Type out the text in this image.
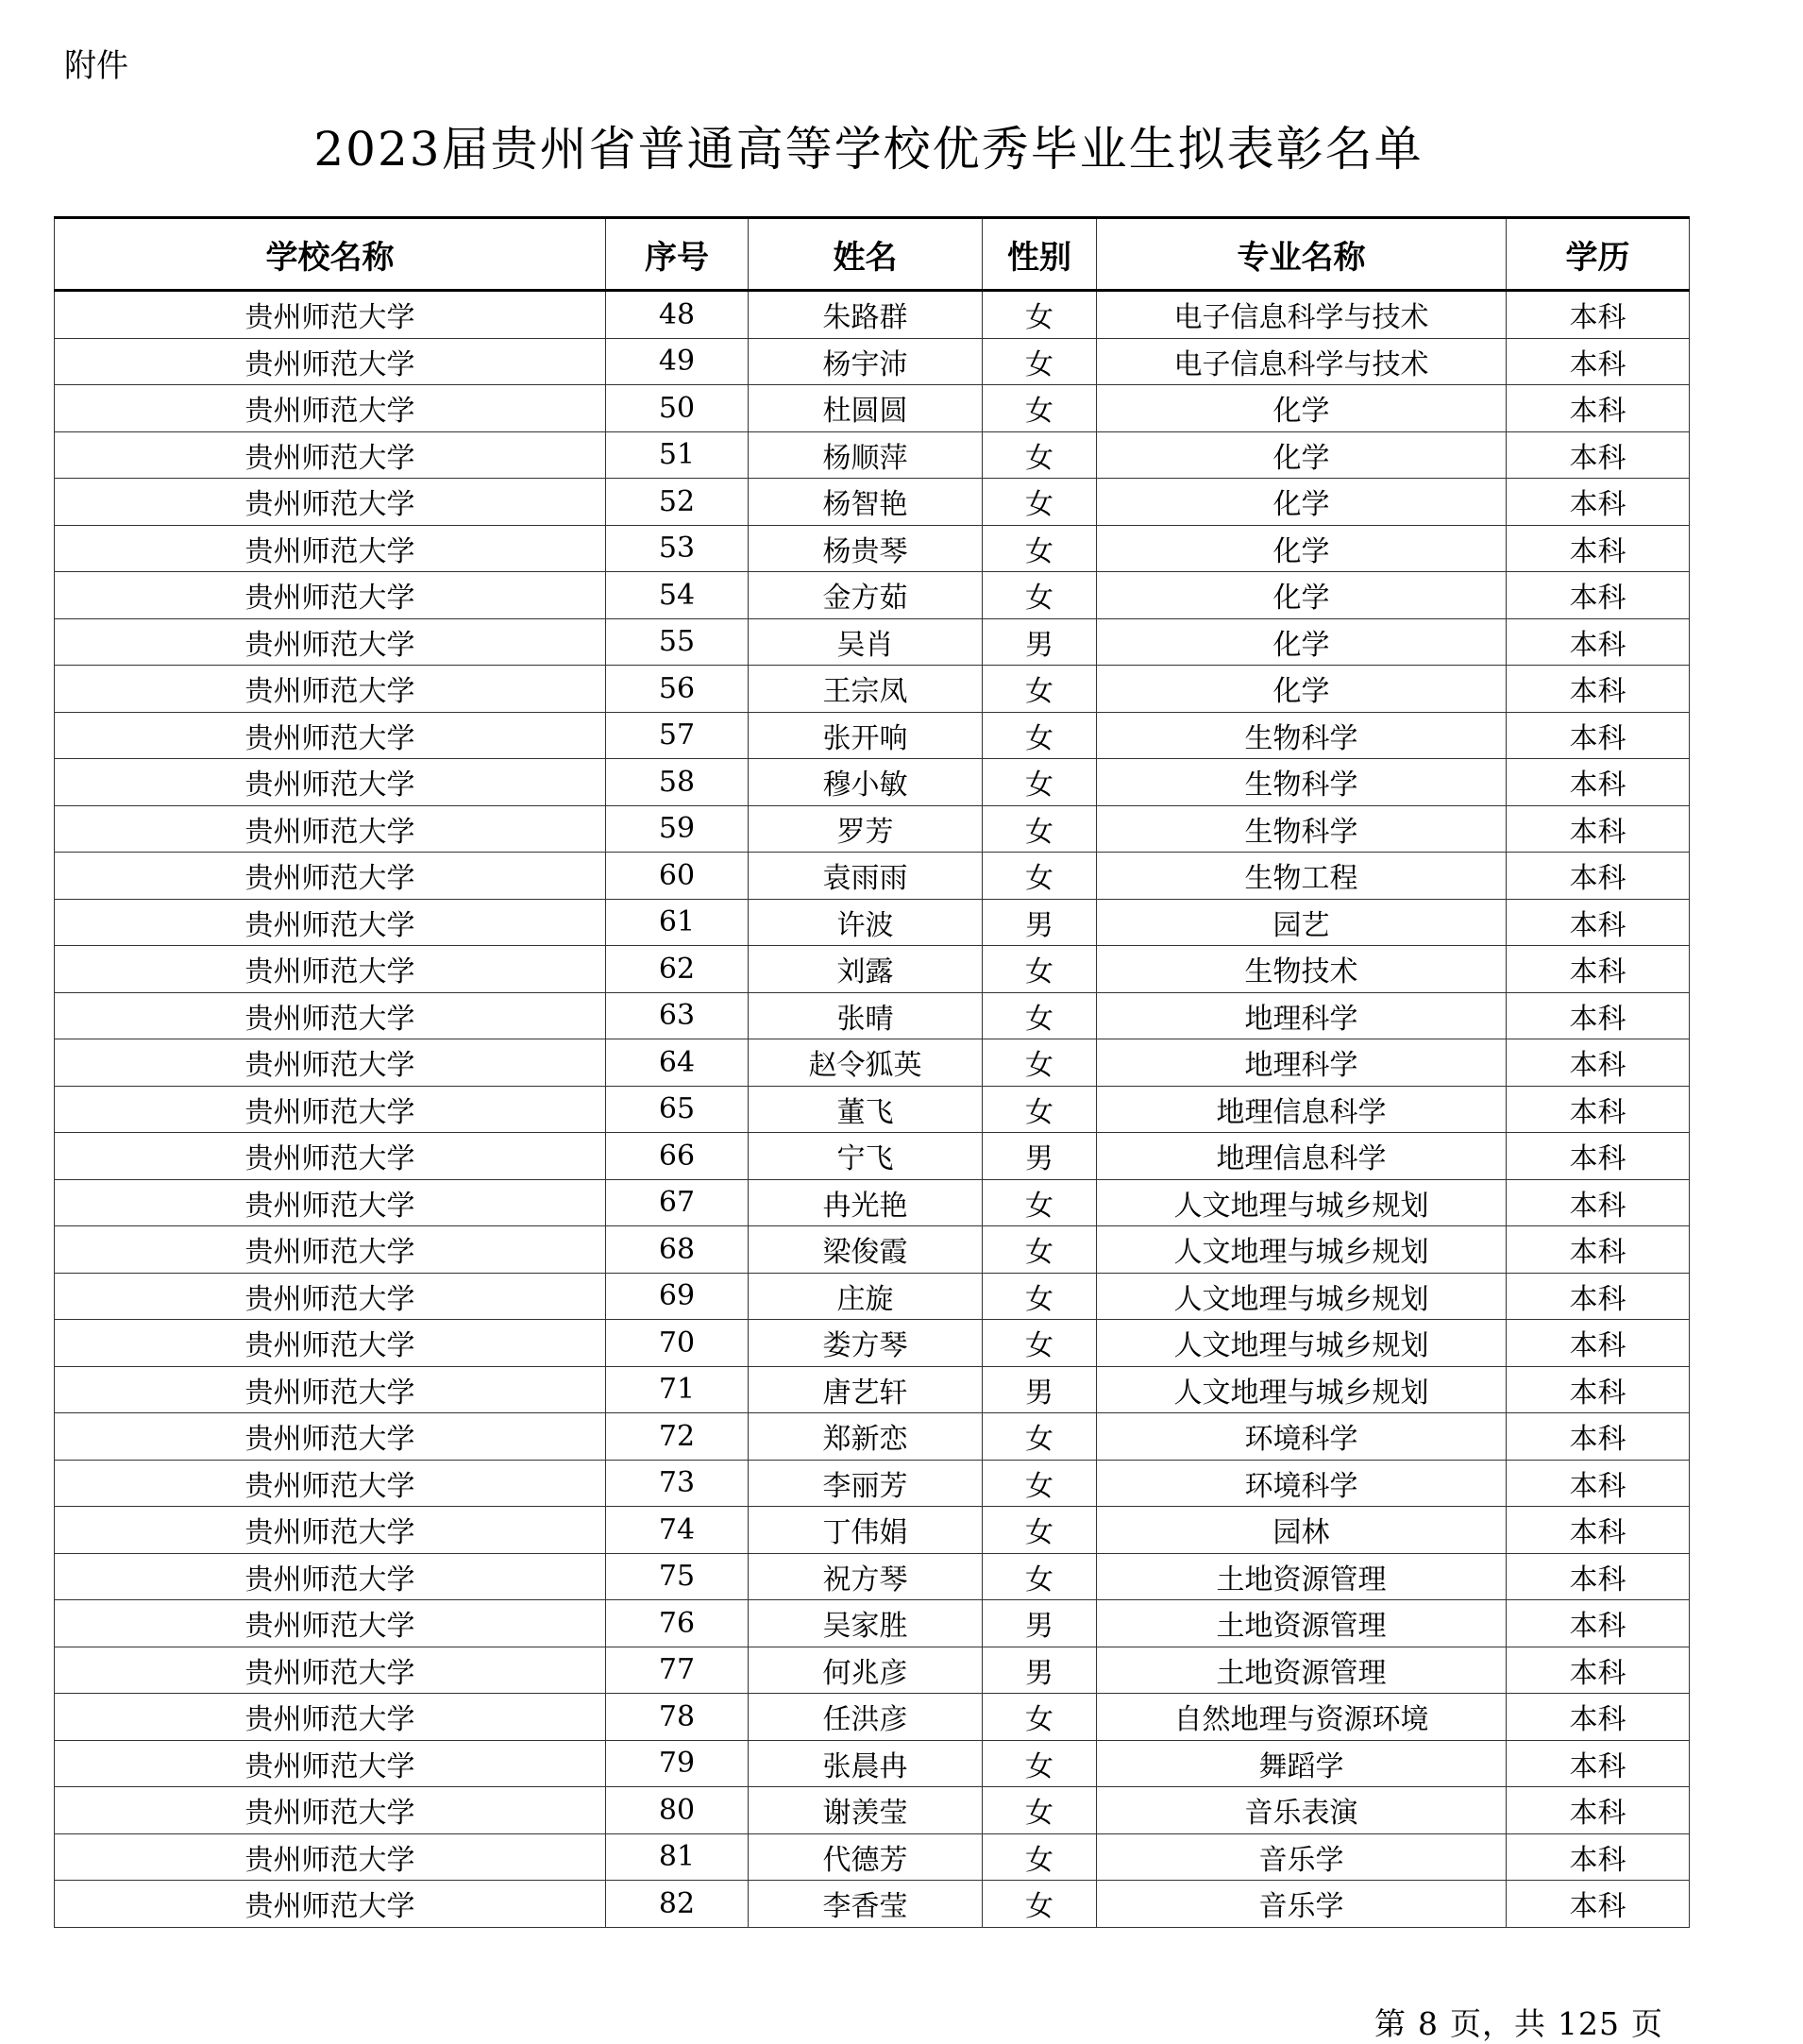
附件
2023届贵州省普通高等学校优秀毕业生拟表彰名单
学校名称	序号	姓名	性别	专业名称	学历
贵州师范大学	48	朱路群	女	电子信息科学与技术	本科
贵州师范大学	49	杨宇沛	女	电子信息科学与技术	本科
贵州师范大学	50	杜圆圆	女	化学	本科
贵州师范大学	51	杨顺萍	女	化学	本科
贵州师范大学	52	杨智艳	女	化学	本科
贵州师范大学	53	杨贵琴	女	化学	本科
贵州师范大学	54	金方茹	女	化学	本科
贵州师范大学	55	吴肖	男	化学	本科
贵州师范大学	56	王宗凤	女	化学	本科
贵州师范大学	57	张开响	女	生物科学	本科
贵州师范大学	58	穆小敏	女	生物科学	本科
贵州师范大学	59	罗芳	女	生物科学	本科
贵州师范大学	60	袁雨雨	女	生物工程	本科
贵州师范大学	61	许波	男	园艺	本科
贵州师范大学	62	刘露	女	生物技术	本科
贵州师范大学	63	张晴	女	地理科学	本科
贵州师范大学	64	赵令狐英	女	地理科学	本科
贵州师范大学	65	董飞	女	地理信息科学	本科
贵州师范大学	66	宁飞	男	地理信息科学	本科
贵州师范大学	67	冉光艳	女	人文地理与城乡规划	本科
贵州师范大学	68	梁俊霞	女	人文地理与城乡规划	本科
贵州师范大学	69	庄旋	女	人文地理与城乡规划	本科
贵州师范大学	70	娄方琴	女	人文地理与城乡规划	本科
贵州师范大学	71	唐艺轩	男	人文地理与城乡规划	本科
贵州师范大学	72	郑新恋	女	环境科学	本科
贵州师范大学	73	李丽芳	女	环境科学	本科
贵州师范大学	74	丁伟娟	女	园林	本科
贵州师范大学	75	祝方琴	女	土地资源管理	本科
贵州师范大学	76	吴家胜	男	土地资源管理	本科
贵州师范大学	77	何兆彦	男	土地资源管理	本科
贵州师范大学	78	任洪彦	女	自然地理与资源环境	本科
贵州师范大学	79	张晨冉	女	舞蹈学	本科
贵州师范大学	80	谢羡莹	女	音乐表演	本科
贵州师范大学	81	代德芳	女	音乐学	本科
贵州师范大学	82	李香莹	女	音乐学	本科
第 8 页，共 125 页
